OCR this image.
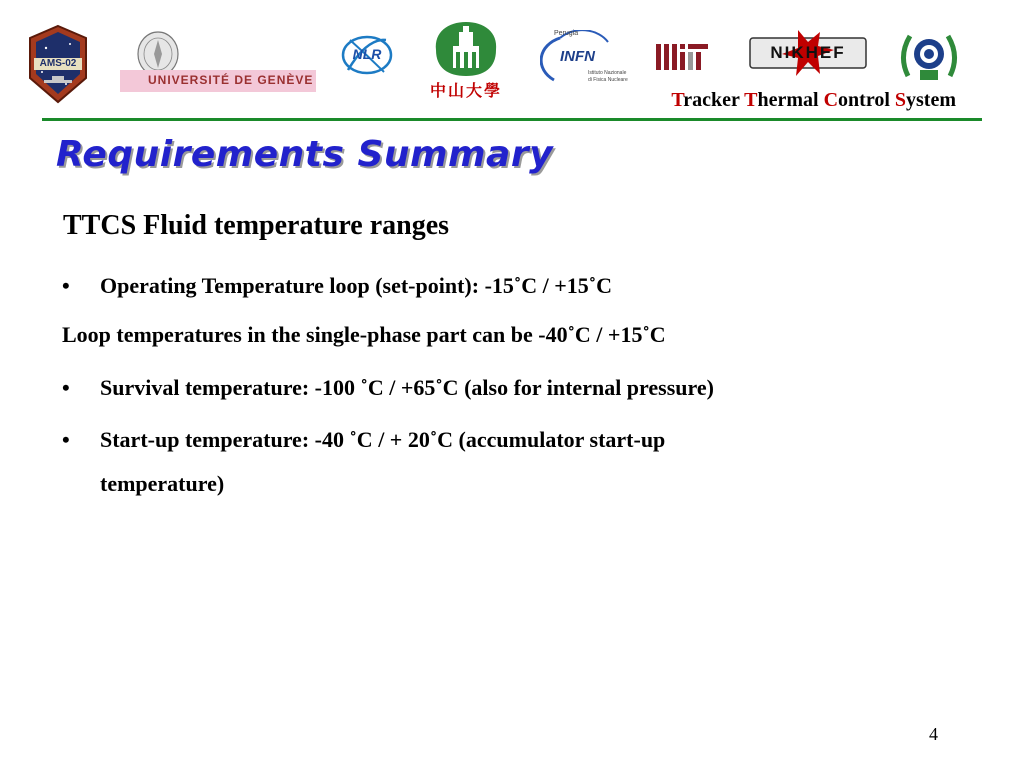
AMS-02
UNIVERSITÉ DE GENÈVE
NLR
中山大學
Perugia
INFN
Istituto Nazionale
di Fisica Nucleare
NIKHEF
Tracker Thermal Control System
Requirements Summary
TTCS Fluid temperature ranges
•	Operating Temperature loop (set-point): -15˚C / +15˚C
Loop temperatures in the single-phase part can be -40˚C / +15˚C
•	Survival temperature: -100 ˚C / +65˚C (also for internal pressure)
•	Start-up temperature: -40 ˚C / + 20˚C (accumulator start-up
temperature)
4
